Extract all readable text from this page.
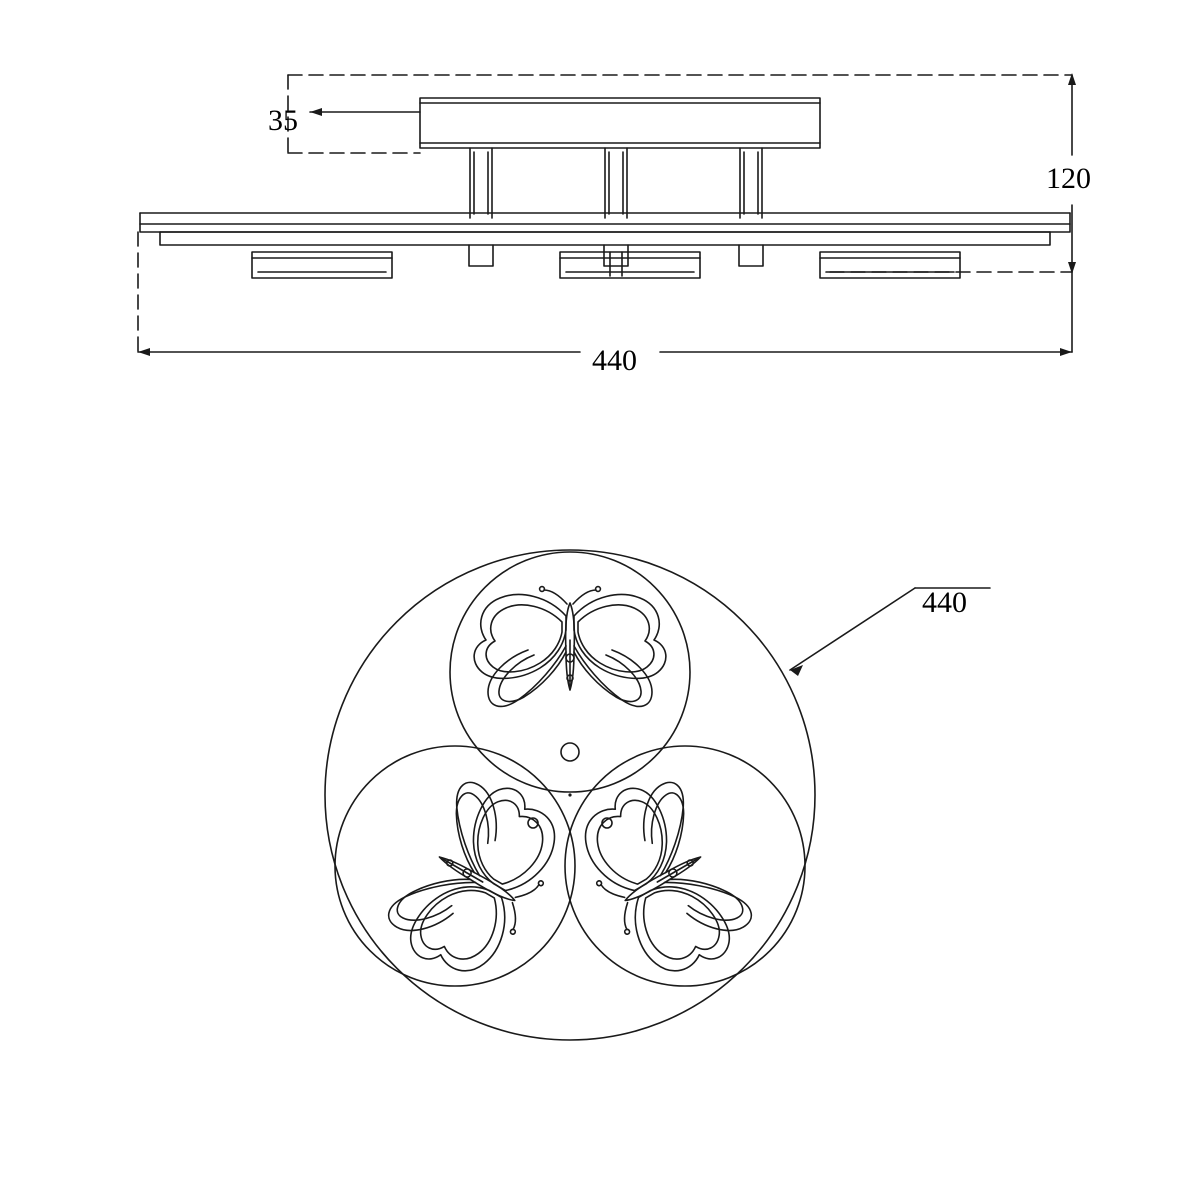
35
120
440
440
